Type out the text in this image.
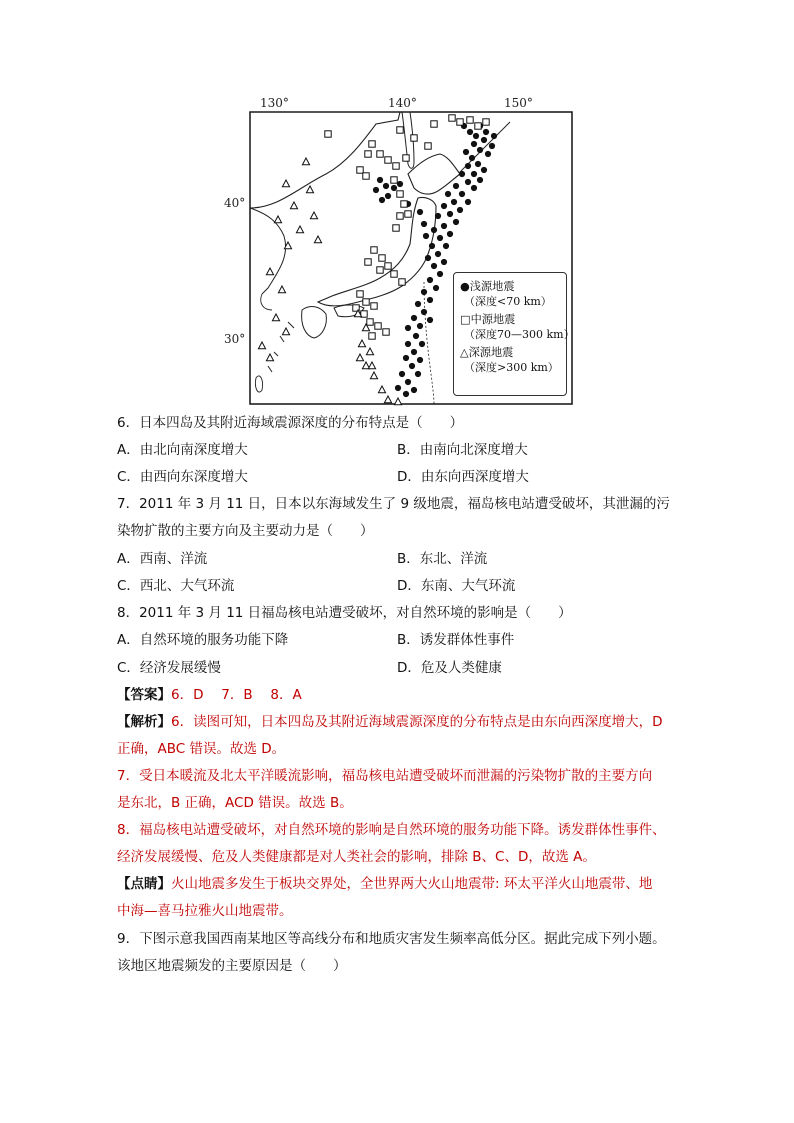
130°	140°	150°
40°
30°
●浅源地震
（深度<70 km）
□中源地震
（深度70—300 km）
△深源地震
（深度>300 km）
6．日本四岛及其附近海域震源深度的分布特点是（　　）
A．由北向南深度增大	B．由南向北深度增大
C．由西向东深度增大	D．由东向西深度增大
7．2011 年 3 月 11 日，日本以东海域发生了 9 级地震，福岛核电站遭受破坏，其泄漏的污
染物扩散的主要方向及主要动力是（　　）
A．西南、洋流	B．东北、洋流
C．西北、大气环流	D．东南、大气环流
8．2011 年 3 月 11 日福岛核电站遭受破坏，对自然环境的影响是（　　）
A．自然环境的服务功能下降	B．诱发群体性事件
C．经济发展缓慢	D．危及人类健康
【答案】6．D　 7．B　 8．A
【解析】6．读图可知，日本四岛及其附近海域震源深度的分布特点是由东向西深度增大，D
正确，ABC 错误。故选 D。
7．受日本暖流及北太平洋暖流影响，福岛核电站遭受破坏而泄漏的污染物扩散的主要方向
是东北，B 正确，ACD 错误。故选 B。
8．福岛核电站遭受破坏，对自然环境的影响是自然环境的服务功能下降。诱发群体性事件、
经济发展缓慢、危及人类健康都是对人类社会的影响，排除 B、C、D，故选 A。
【点睛】火山地震多发生于板块交界处，全世界两大火山地震带: 环太平洋火山地震带、地
中海—喜马拉雅火山地震带。
9．下图示意我国西南某地区等高线分布和地质灾害发生频率高低分区。据此完成下列小题。
该地区地震频发的主要原因是（　　）
